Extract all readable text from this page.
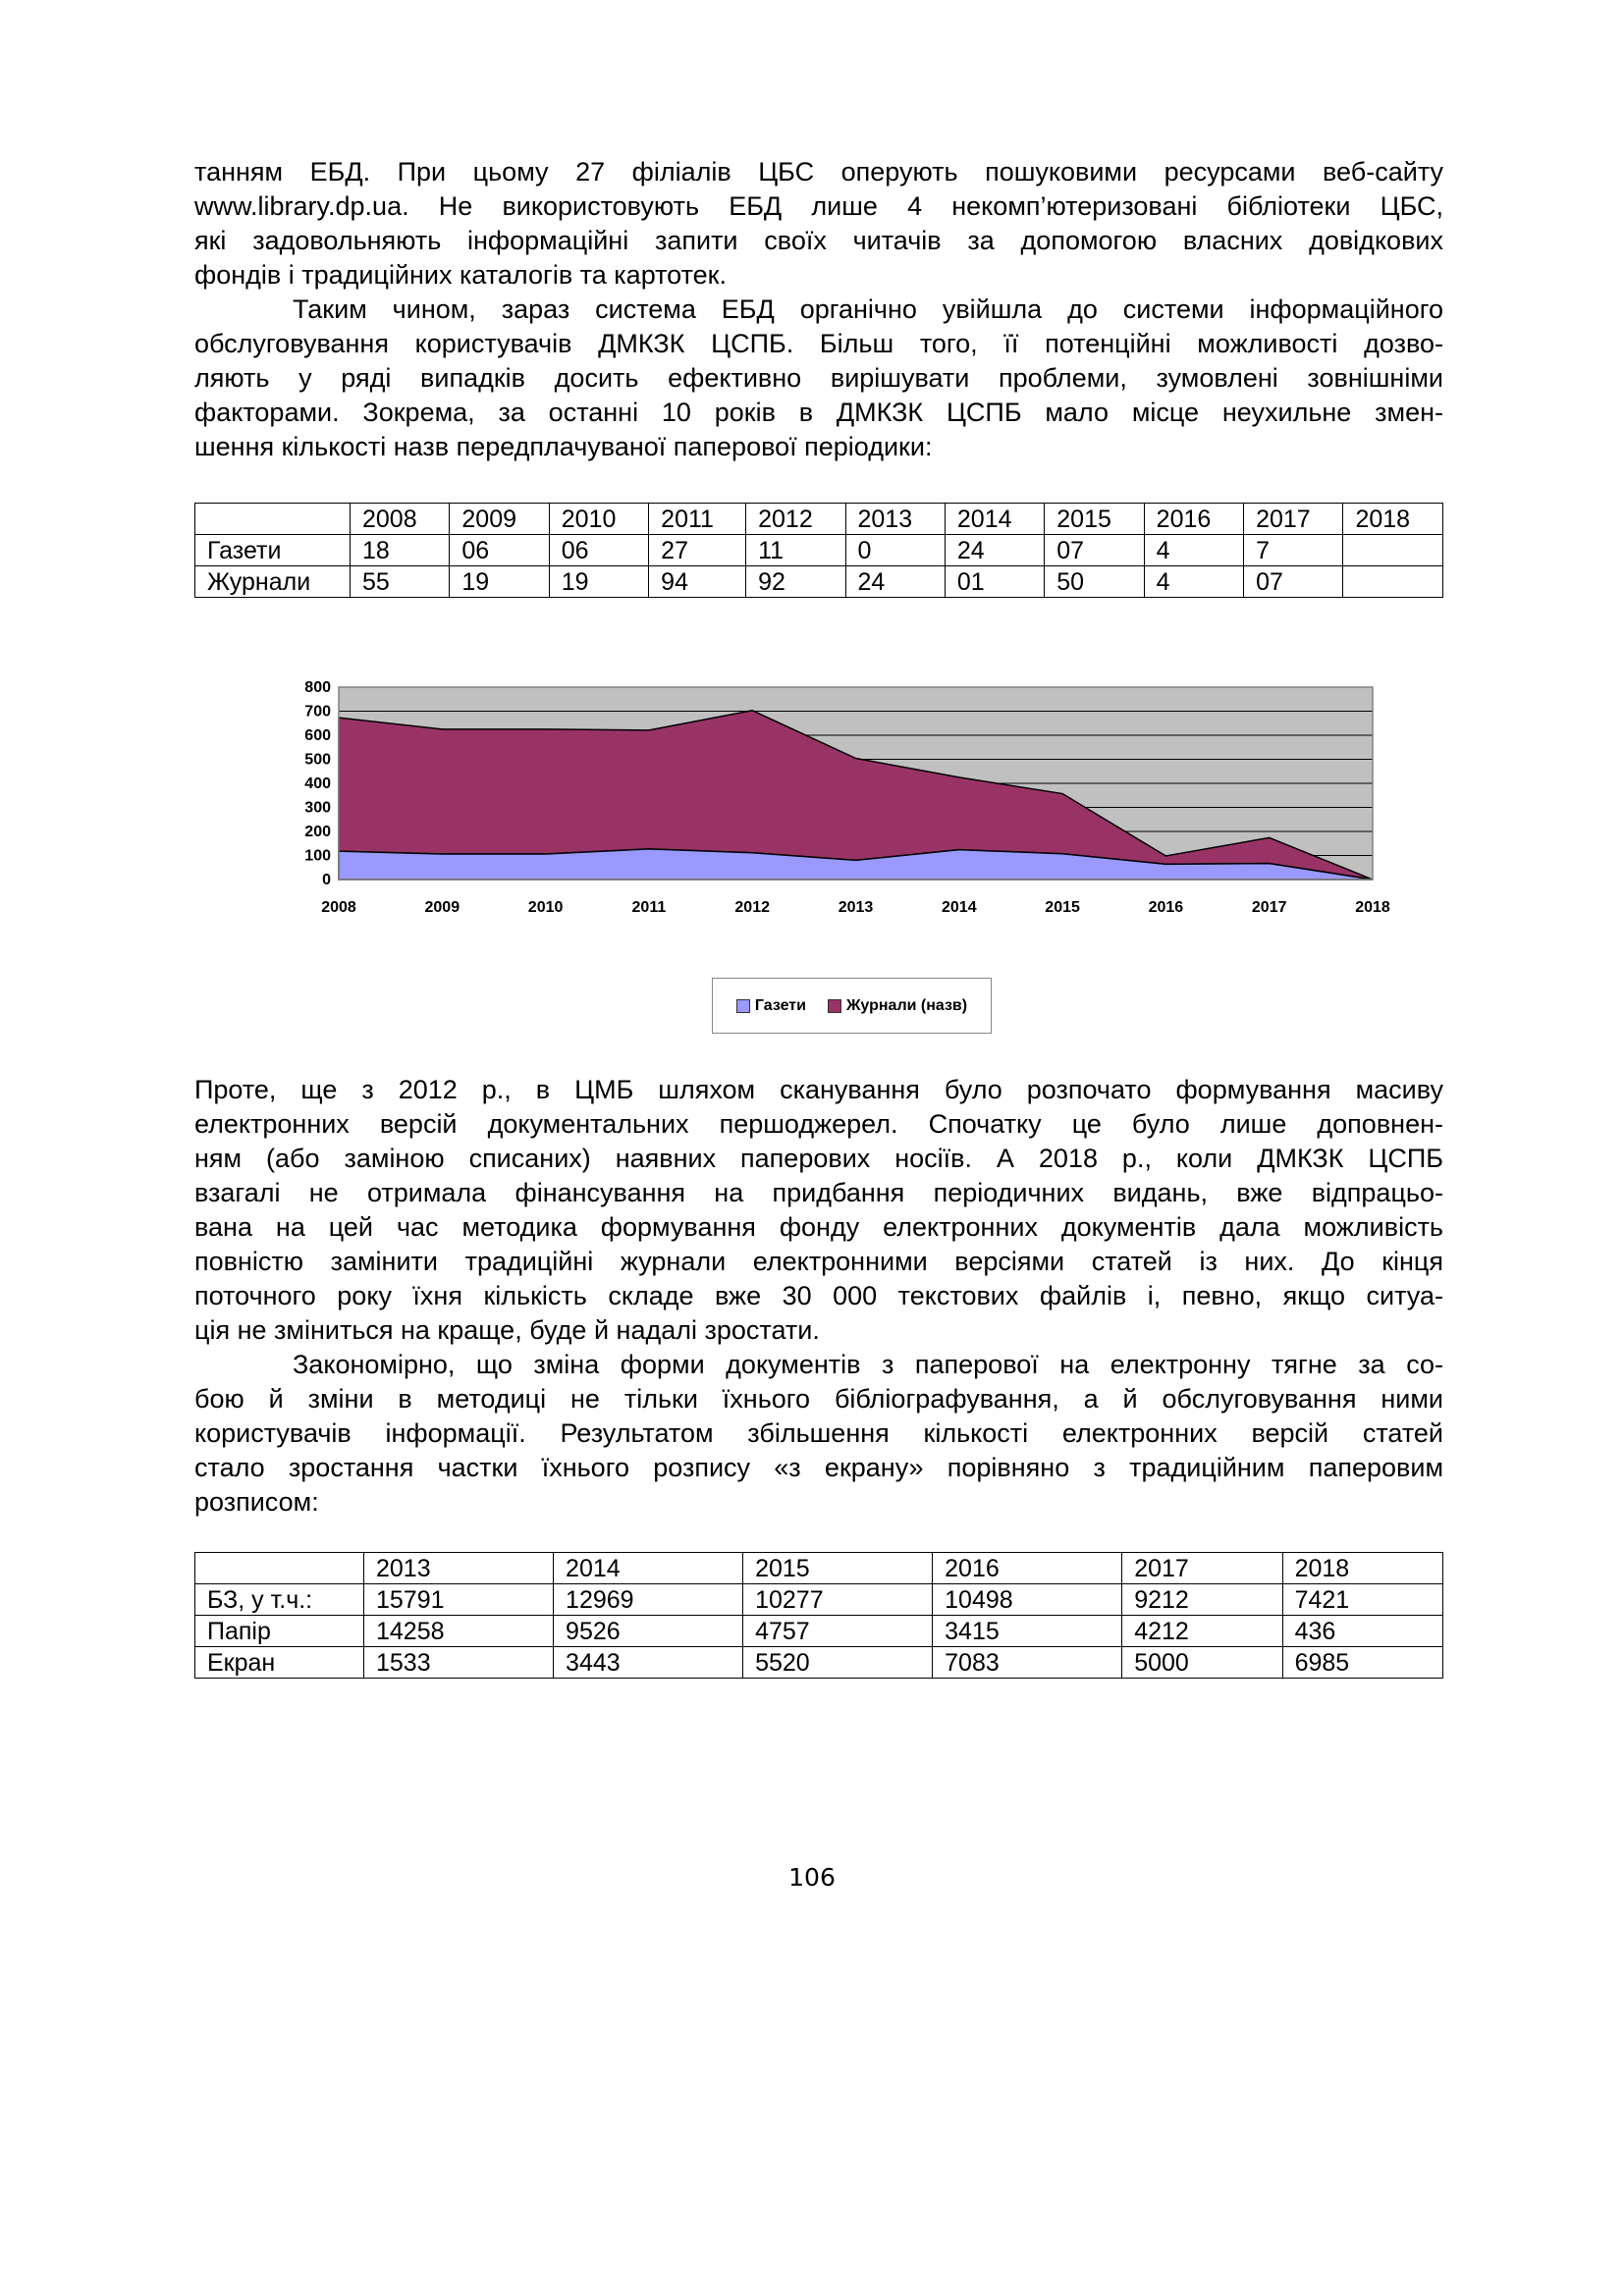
танням ЕБД. При цьому 27 філіалів ЦБС оперують пошуковими ресурсами веб-сайту
www.library.dp.ua. Не використовують ЕБД лише 4 некомп’ютеризовані бібліотеки ЦБС,
які задовольняють інформаційні запити своїх читачів за допомогою власних довідкових
фондів і традиційних каталогів та картотек.

Таким чином, зараз система ЕБД органічно увійшла до системи інформаційного
обслуговування користувачів ДМКЗК ЦСПБ. Більш того, її потенційні можливості дозво-
ляють у ряді випадків досить ефективно вирішувати проблеми, зумовлені зовнішніми
факторами. Зокрема, за останні 10 років в ДМКЗК ЦСПБ мало місце неухильне змен-
шення кількості назв передплачуваної паперової періодики:

	2008	2009	2010	2011	2012	2013	2014	2015	2016	2017	2018
Газети	18	06	06	27	11	0	24	07	4	7	
Журнали	55	19	19	94	92	24	01	50	4	07	
0
100
200
300
400
500
600
700
800
2008	2009	2010	2011	2012	2013	2014	2015	2016	2017	2018
Газети	Журнали (назв)

Проте, ще з 2012 р., в ЦМБ шляхом сканування було розпочато формування масиву
електронних версій документальних першоджерел. Спочатку це було лише доповнен-
ням (або заміною списаних) наявних паперових носіїв. А 2018 р., коли ДМКЗК ЦСПБ
взагалі не отримала фінансування на придбання періодичних видань, вже відпрацьо-
вана на цей час методика формування фонду електронних документів дала можливість
повністю замінити традиційні журнали електронними версіями статей із них. До кінця
поточного року їхня кількість складе вже 30 000 текстових файлів і, певно, якщо ситуа-
ція не зміниться на краще, буде й надалі зростати.

Закономірно, що зміна форми документів з паперової на електронну тягне за со-
бою й зміни в методиці не тільки їхнього бібліографування, а й обслуговування ними
користувачів інформації. Результатом збільшення кількості електронних версій статей
стало зростання частки їхнього розпису «з екрану» порівняно з традиційним паперовим
розписом:

	2013	2014	2015	2016	2017	2018
БЗ, у т.ч.:	15791	12969	10277	10498	9212	7421
Папір	14258	9526	4757	3415	4212	436
Екран	1533	3443	5520	7083	5000	6985
106
